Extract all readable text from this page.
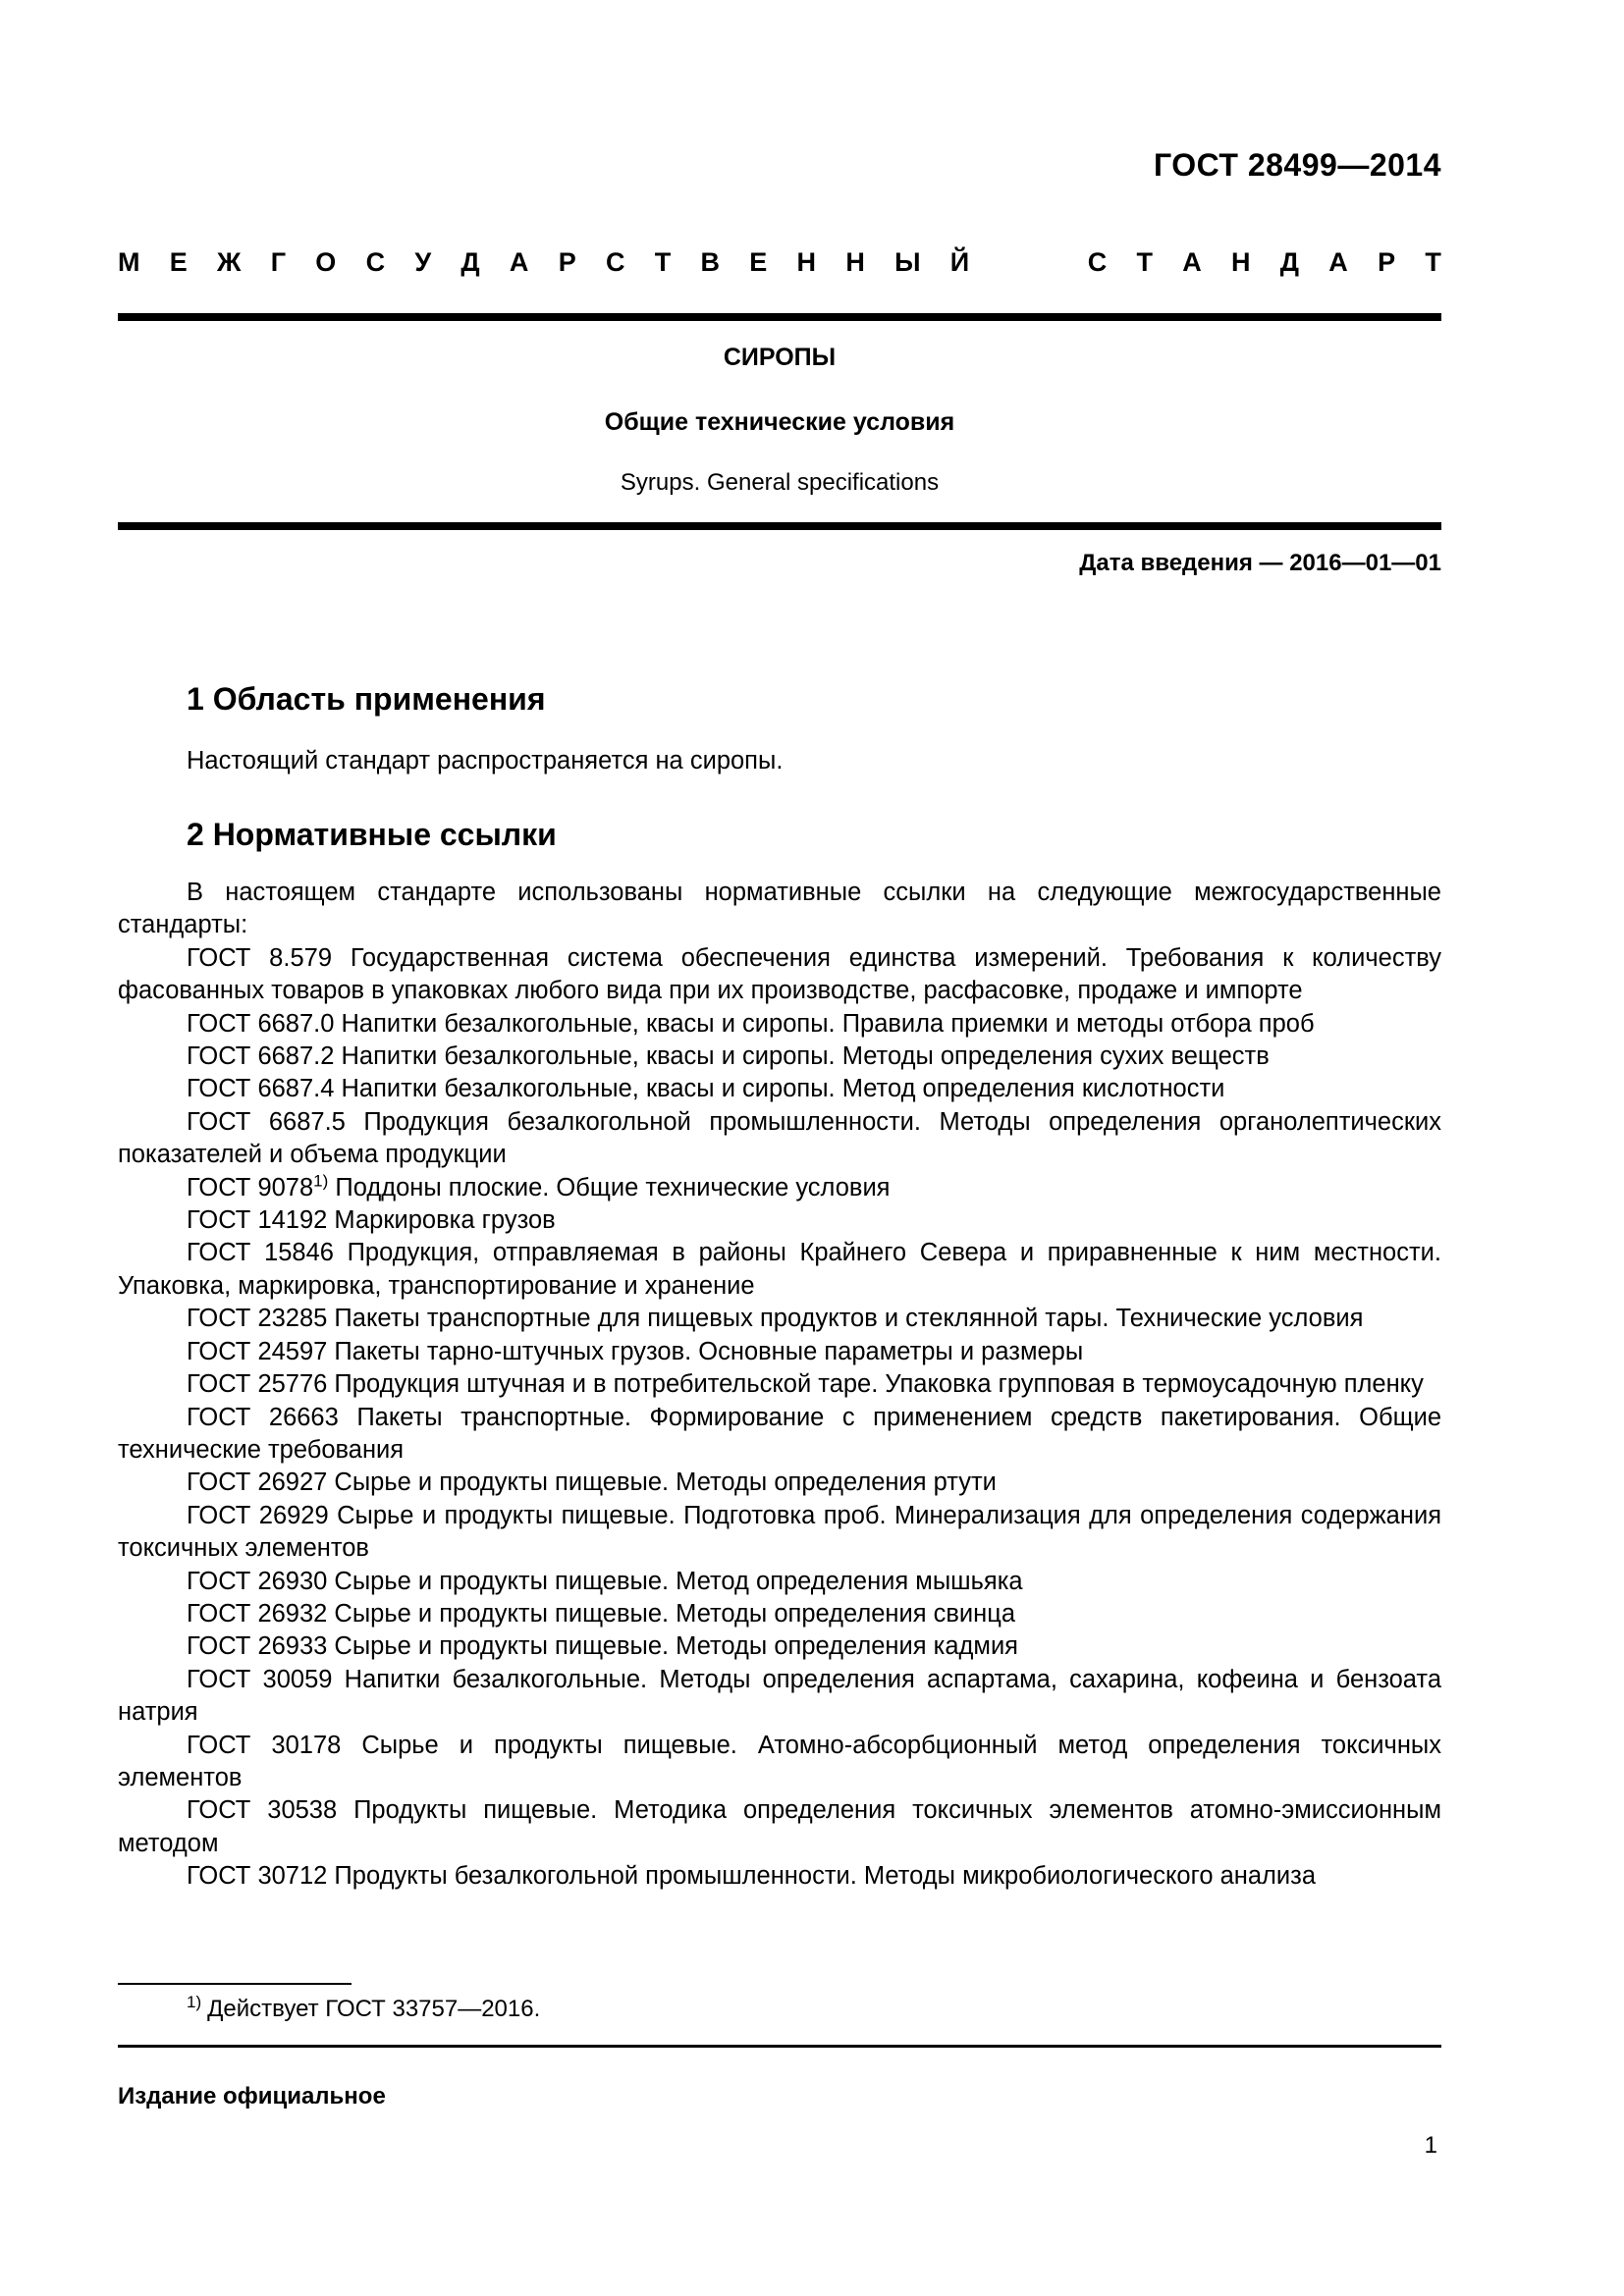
ГОСТ 28499—2014
М Е Ж Г О С У Д А Р С Т В Е Н Н Ы Й	С Т А Н Д А Р Т
СИРОПЫ
Общие технические условия
Syrups. General specifications
Дата введения — 2016—01—01
1 Область применения

Настоящий стандарт распространяется на сиропы.

2 Нормативные ссылки

В настоящем стандарте использованы нормативные ссылки на следующие межгосударственные стандарты:

ГОСТ 8.579 Государственная система обеспечения единства измерений. Требования к количеству фасованных товаров в упаковках любого вида при их производстве, расфасовке, продаже и импорте

ГОСТ 6687.0 Напитки безалкогольные, квасы и сиропы. Правила приемки и методы отбора проб

ГОСТ 6687.2 Напитки безалкогольные, квасы и сиропы. Методы определения сухих веществ

ГОСТ 6687.4 Напитки безалкогольные, квасы и сиропы. Метод определения кислотности

ГОСТ 6687.5 Продукция безалкогольной промышленности. Методы определения органолептических показателей и объема продукции

ГОСТ 9078$^{1)}$ Поддоны плоские. Общие технические условия

ГОСТ 14192 Маркировка грузов

ГОСТ 15846 Продукция, отправляемая в районы Крайнего Севера и приравненные к ним местности. Упаковка, маркировка, транспортирование и хранение

ГОСТ 23285 Пакеты транспортные для пищевых продуктов и стеклянной тары. Технические условия

ГОСТ 24597 Пакеты тарно-штучных грузов. Основные параметры и размеры

ГОСТ 25776 Продукция штучная и в потребительской таре. Упаковка групповая в термоусадочную пленку

ГОСТ 26663 Пакеты транспортные. Формирование с применением средств пакетирования. Общие технические требования

ГОСТ 26927 Сырье и продукты пищевые. Методы определения ртути

ГОСТ 26929 Сырье и продукты пищевые. Подготовка проб. Минерализация для определения содержания токсичных элементов

ГОСТ 26930 Сырье и продукты пищевые. Метод определения мышьяка

ГОСТ 26932 Сырье и продукты пищевые. Методы определения свинца

ГОСТ 26933 Сырье и продукты пищевые. Методы определения кадмия

ГОСТ 30059 Напитки безалкогольные. Методы определения аспартама, сахарина, кофеина и бензоата натрия

ГОСТ 30178 Сырье и продукты пищевые. Атомно-абсорбционный метод определения токсичных элементов

ГОСТ 30538 Продукты пищевые. Методика определения токсичных элементов атомно-эмиссионным методом

ГОСТ 30712 Продукты безалкогольной промышленности. Методы микробиологического анализа

$^{1)}$ Действует ГОСТ 33757—2016.
Издание официальное
1
